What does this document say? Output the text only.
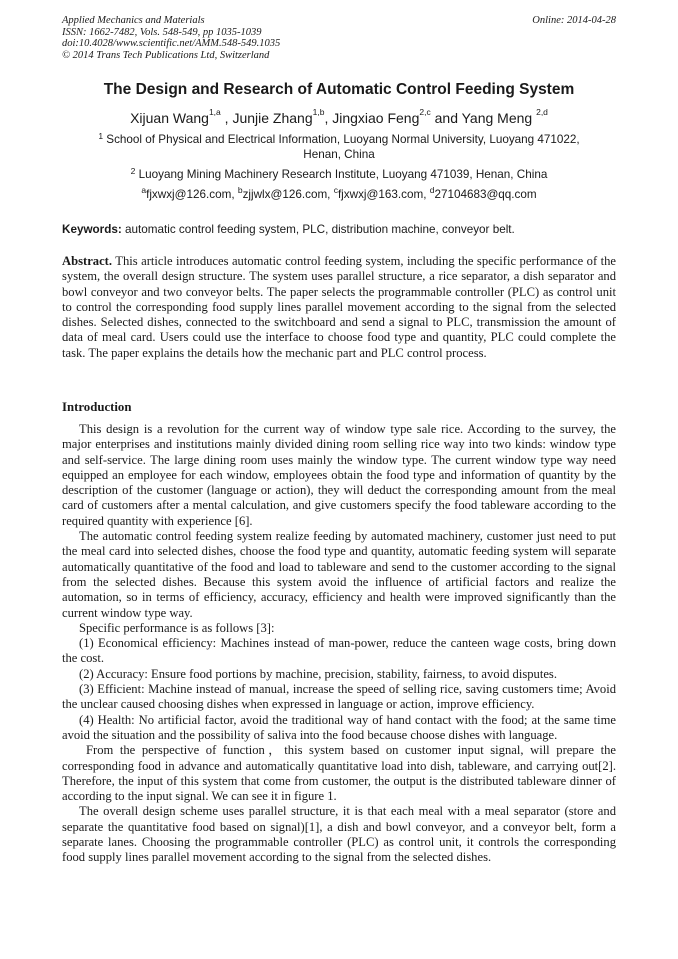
Applied Mechanics and Materials
ISSN: 1662-7482, Vols. 548-549, pp 1035-1039
doi:10.4028/www.scientific.net/AMM.548-549.1035
© 2014 Trans Tech Publications Ltd, Switzerland
Online: 2014-04-28
The Design and Research of Automatic Control Feeding System
Xijuan Wang$^{1,a}$ , Junjie Zhang$^{1,b}$, Jingxiao Feng$^{2,c}$ and Yang Meng $^{2,d}$
$^1$ School of Physical and Electrical Information, Luoyang Normal University, Luoyang 471022, Henan, China
$^2$ Luoyang Mining Machinery Research Institute, Luoyang 471039, Henan, China
$^a$fjxwxj@126.com, $^b$zjjwlx@126.com, $^c$fjxwxj@163.com, $^d$27104683@qq.com
Keywords: automatic control feeding system, PLC, distribution machine, conveyor belt.

Abstract. This article introduces automatic control feeding system, including the specific performance of the system, the overall design structure. The system uses parallel structure, a rice separator, a dish separator and bowl conveyor and two conveyor belts. The paper selects the programmable controller (PLC) as control unit to control the corresponding food supply lines parallel movement according to the signal from the selected dishes. Selected dishes, connected to the switchboard and send a signal to PLC, transmission the amount of data of meal card. Users could use the interface to choose food type and quantity, PLC could complete the task. The paper explains the details how the mechanic part and PLC control process.

Introduction

This design is a revolution for the current way of window type sale rice. According to the survey, the major enterprises and institutions mainly divided dining room selling rice way into two kinds: window type and self-service. The large dining room uses mainly the window type. The current window type way need equipped an employee for each window, employees obtain the food type and information of quantity by the description of the customer (language or action), they will deduct the corresponding amount from the meal card of customers after a mental calculation, and give customers specify the food tableware according to the required quantity with experience [6].

The automatic control feeding system realize feeding by automated machinery, customer just need to put the meal card into selected dishes, choose the food type and quantity, automatic feeding system will separate automatically quantitative of the food and load to tableware and send to the customer according to the signal from the selected dishes. Because this system avoid the influence of artificial factors and realize the automation, so in terms of efficiency, accuracy, efficiency and health were improved significantly than the current window type way.

Specific performance is as follows [3]:

(1) Economical efficiency: Machines instead of man-power, reduce the canteen wage costs, bring down the cost.

(2) Accuracy: Ensure food portions by machine, precision, stability, fairness, to avoid disputes.

(3) Efficient: Machine instead of manual, increase the speed of selling rice, saving customers time; Avoid the unclear caused choosing dishes when expressed in language or action, improve efficiency.

(4) Health: No artificial factor, avoid the traditional way of hand contact with the food; at the same time avoid the situation and the possibility of saliva into the food because choose dishes with language.

From the perspective of function，this system based on customer input signal, will prepare the corresponding food in advance and automatically quantitative load into dish, tableware, and carrying out[2]. Therefore, the input of this system that come from customer, the output is the distributed tableware dinner of according to the input signal. We can see it in figure 1.

The overall design scheme uses parallel structure, it is that each meal with a meal separator (store and separate the quantitative food based on signal)[1], a dish and bowl conveyor, and a conveyor belt, form a separate lanes. Choosing the programmable controller (PLC) as control unit, it controls the corresponding food supply lines parallel movement according to the signal from the selected dishes.
